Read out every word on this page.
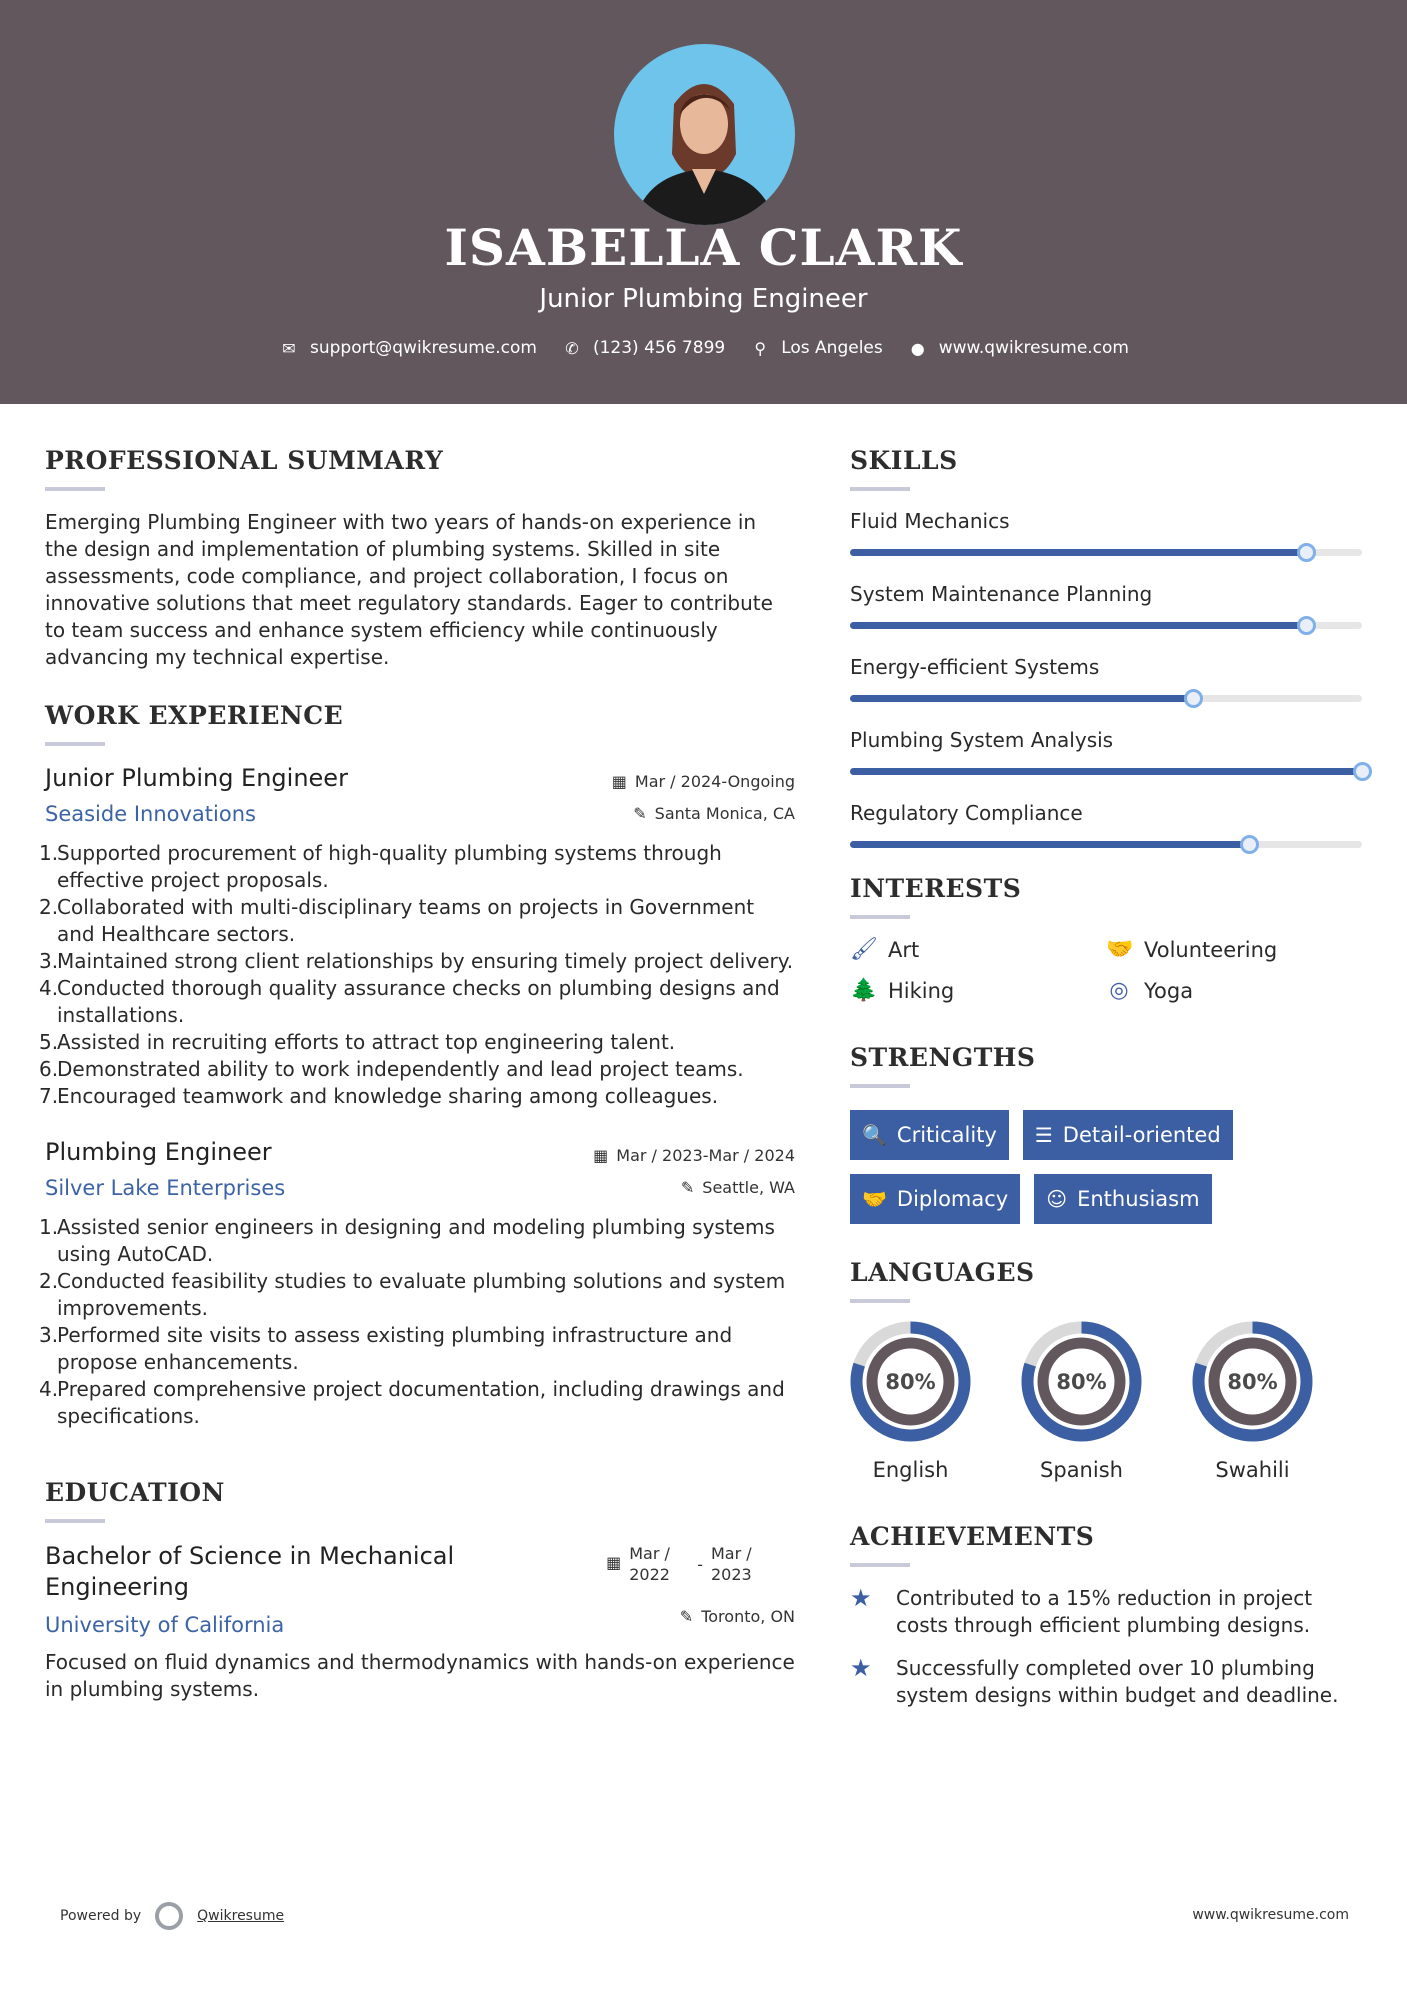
ISABELLA CLARK
Junior Plumbing Engineer
✉ support@qwikresume.com ✆ (123) 456 7899	⚲ Los Angeles ● www.qwikresume.com
PROFESSIONAL SUMMARY
Emerging Plumbing Engineer with two years of hands-on experience in the design and implementation of plumbing systems. Skilled in site assessments, code compliance, and project collaboration, I focus on innovative solutions that meet regulatory standards. Eager to contribute to team success and enhance system efficiency while continuously advancing my technical expertise.
WORK EXPERIENCE
Junior Plumbing Engineer
Seaside Innovations
▦ Mar / 2024-Ongoing
✎ Santa Monica, CA
1.
Supported procurement of high-quality plumbing systems through effective project proposals.
2.
Collaborated with multi-disciplinary teams on projects in Government and Healthcare sectors.
3.
Maintained strong client relationships by ensuring timely project delivery.
4.
Conducted thorough quality assurance checks on plumbing designs and installations.
5.
Assisted in recruiting efforts to attract top engineering talent.
6.
Demonstrated ability to work independently and lead project teams.
7.
Encouraged teamwork and knowledge sharing among colleagues.
Plumbing Engineer
Silver Lake Enterprises
▦ Mar / 2023-Mar / 2024
✎ Seattle, WA
1.
Assisted senior engineers in designing and modeling plumbing systems using AutoCAD.
2.
Conducted feasibility studies to evaluate plumbing solutions and system improvements.
3.
Performed site visits to assess existing plumbing infrastructure and propose enhancements.
4.
Prepared comprehensive project documentation, including drawings and specifications.
EDUCATION
Bachelor of Science in Mechanical Engineering
University of California
▦ Mar / 2022
-
Mar / 2023
✎ Toronto, ON
Focused on fluid dynamics and thermodynamics with hands-on experience in plumbing systems.
SKILLS
Fluid Mechanics
System Maintenance Planning
Energy-efficient Systems
Plumbing System Analysis
Regulatory Compliance
INTERESTS
🖌 Art	🤝 Volunteering
🌲 Hiking	◎ Yoga
STRENGTHS
🔍 Criticality ☰ Detail-oriented
🤝 Diplomacy ☺ Enthusiasm
LANGUAGES
80%
English
80%
Spanish
80%
Swahili
ACHIEVEMENTS
★	Contributed to a 15% reduction in project costs through efficient plumbing designs.
★	Successfully completed over 10 plumbing system designs within budget and deadline.
Powered by	Qwikresume	www.qwikresume.com
